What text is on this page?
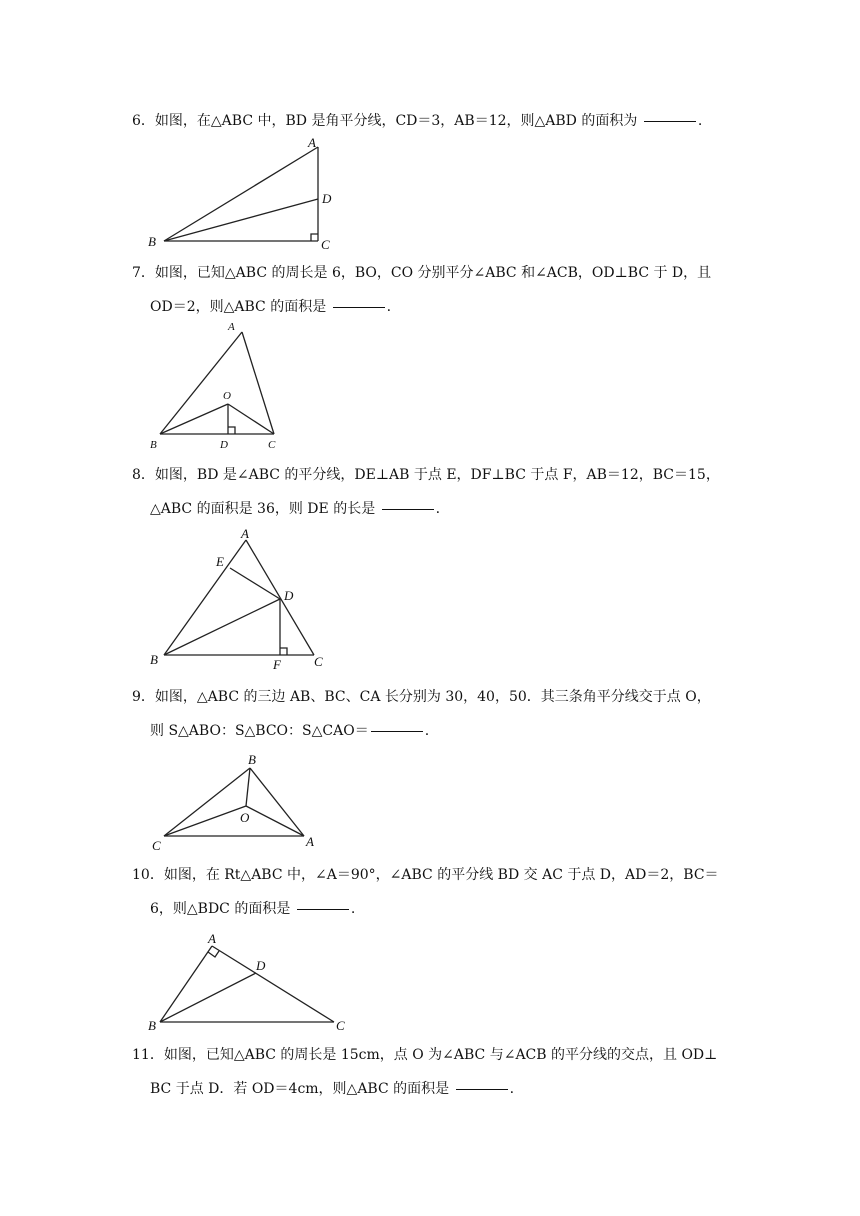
6．如图，在△ABC 中，BD 是角平分线，CD＝3，AB＝12，则△ABD 的面积为	.
A
D
B	C
7．如图，已知△ABC 的周长是 6，BO，CO 分别平分∠ABC 和∠ACB，OD⊥BC 于 D，且
OD＝2，则△ABC 的面积是	.
A
O
B	D	C
8．如图，BD 是∠ABC 的平分线，DE⊥AB 于点 E，DF⊥BC 于点 F，AB＝12，BC＝15，
△ABC 的面积是 36，则 DE 的长是	.
A
E
D
B	F	C
9．如图，△ABC 的三边 AB、BC、CA 长分别为 30，40，50．其三条角平分线交于点 O，
则 S△ABO：S△BCO：S△CAO＝	.
B
O
C	A
10．如图，在 Rt△ABC 中，∠A＝90°，∠ABC 的平分线 BD 交 AC 于点 D，AD＝2，BC＝
6，则△BDC 的面积是	.
A
D
B	C
11．如图，已知△ABC 的周长是 15cm，点 O 为∠ABC 与∠ACB 的平分线的交点，且 OD⊥
BC 于点 D．若 OD＝4cm，则△ABC 的面积是	.
